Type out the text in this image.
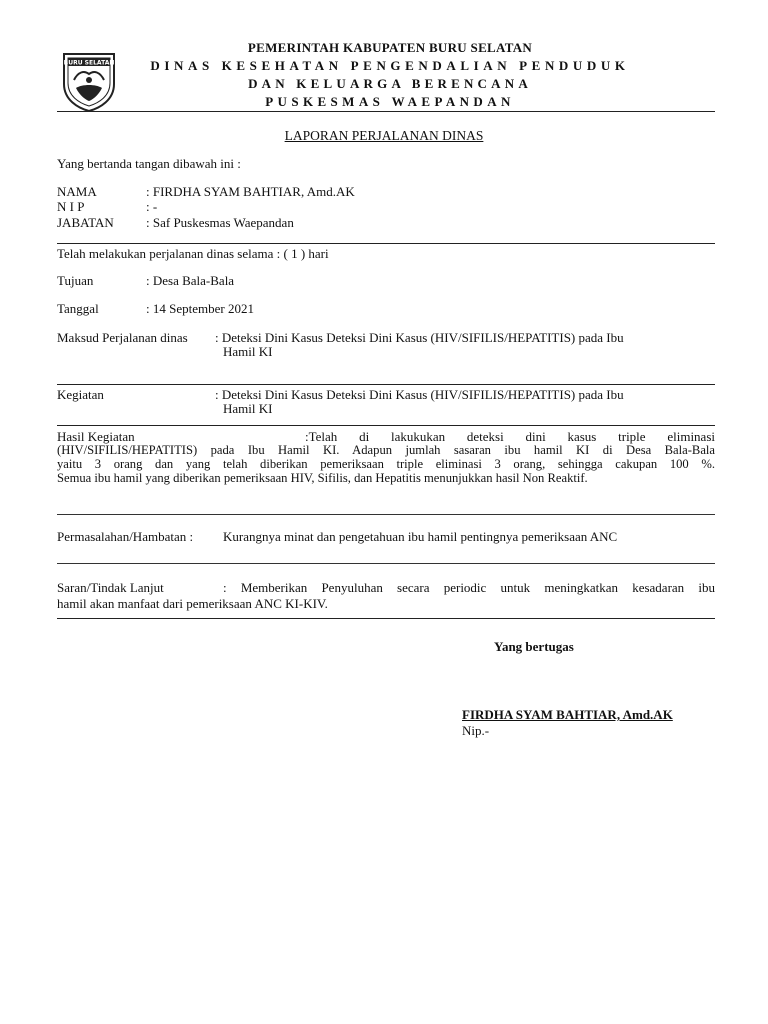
BURU SELATAN
PEMERINTAH KABUPATEN BURU SELATAN
DINAS KESEHATAN PENGENDALIAN PENDUDUK
DAN KELUARGA BERENCANA
PUSKESMAS WAEPANDAN
LAPORAN PERJALANAN DINAS
Yang bertanda tangan dibawah ini :
NAMA	: FIRDHA SYAM BAHTIAR, Amd.AK
N I P	: -
JABATAN : Saf Puskesmas Waepandan
Telah melakukan perjalanan dinas selama : ( 1 ) hari
Tujuan	: Desa Bala-Bala
Tanggal	: 14 September 2021
Maksud Perjalanan dinas : Deteksi Dini Kasus Deteksi Dini Kasus (HIV/SIFILIS/HEPATITIS) pada Ibu
Hamil KI
Kegiatan	: Deteksi Dini Kasus Deteksi Dini Kasus (HIV/SIFILIS/HEPATITIS) pada Ibu
Hamil KI
Hasil Kegiatan	:Telah di lakukukan deteksi dini kasus triple eliminasi
(HIV/SIFILIS/HEPATITIS) pada Ibu Hamil KI. Adapun jumlah sasaran ibu hamil KI di Desa Bala-Bala
yaitu 3 orang dan yang telah diberikan pemeriksaan triple eliminasi 3 orang, sehingga cakupan 100 %.
Semua ibu hamil yang diberikan pemeriksaan HIV, Sifilis, dan Hepatitis menunjukkan hasil Non Reaktif.
Permasalahan/Hambatan : Kurangnya minat dan pengetahuan ibu hamil pentingnya pemeriksaan ANC
Saran/Tindak Lanjut	: Memberikan Penyuluhan secara periodic untuk meningkatkan kesadaran ibu
hamil akan manfaat dari pemeriksaan ANC KI-KIV.
Yang bertugas
FIRDHA SYAM BAHTIAR, Amd.AK
Nip.-
